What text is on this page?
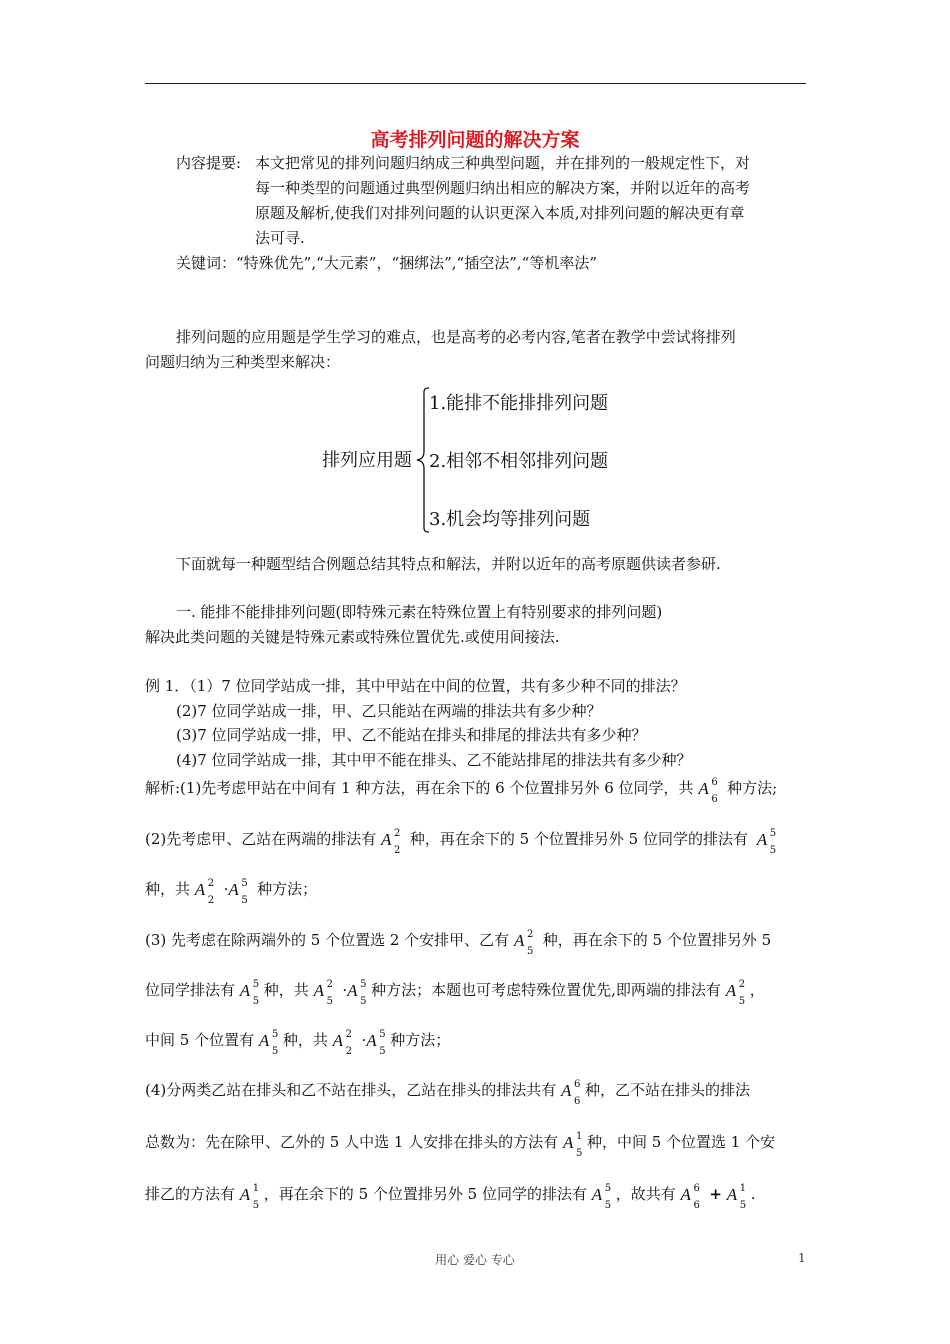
高考排列问题的解决方案
内容提要: 本文把常见的排列问题归纳成三种典型问题，并在排列的一般规定性下，对
每一种类型的问题通过典型例题归纳出相应的解决方案，并附以近年的高考
原题及解析,使我们对排列问题的认识更深入本质,对排列问题的解决更有章
法可寻.
关键词：“特殊优先”,“大元素”，“捆绑法”,“插空法”,“等机率法”
排列问题的应用题是学生学习的难点，也是高考的必考内容,笔者在教学中尝试将排列
问题归纳为三种类型来解决：
排列应用题
1.能排不能排排列问题
2.相邻不相邻排列问题
3.机会均等排列问题
下面就每一种题型结合例题总结其特点和解法，并附以近年的高考原题供读者参研.
一. 能排不能排排列问题(即特殊元素在特殊位置上有特别要求的排列问题)
解决此类问题的关键是特殊元素或特殊位置优先.或使用间接法.
例 1．（1）7 位同学站成一排，其中甲站在中间的位置，共有多少种不同的排法？
(2)7 位同学站成一排，甲、乙只能站在两端的排法共有多少种？
(3)7 位同学站成一排，甲、乙不能站在排头和排尾的排法共有多少种？
(4)7 位同学站成一排，其中甲不能在排头、乙不能站排尾的排法共有多少种？
解析:(1)先考虑甲站在中间有 1 种方法，再在余下的 6 个位置排另外 6 位同学，共 A 6
6
种方法;
(2)先考虑甲、乙站在两端的排法有 A 2
2
种，再在余下的 5 个位置排另外 5 位同学的排法有 A 5
5
种，共 A 2
2
· A 5
5
种方法；
(3) 先考虑在除两端外的 5 个位置选 2 个安排甲、乙有 A 2
5
种，再在余下的 5 个位置排另外 5
位同学排法有 A 5
5
种，共 A 2
5
· A 5
5
种方法；本题也可考虑特殊位置优先,即两端的排法有 A 2
5
，
中间 5 个位置有 A 5
5
种，共 A 2
2
· A 5
5
种方法；
(4)分两类乙站在排头和乙不站在排头，乙站在排头的排法共有 A 6
6
种，乙不站在排头的排法
总数为：先在除甲、乙外的 5 人中选 1 人安排在排头的方法有 A 1
5
种，中间 5 个位置选 1 个安
排乙的方法有 A 1
5
，再在余下的 5 个位置排另外 5 位同学的排法有 A 5
5
，故共有 A 6
6
+ A 1
5
.
用心 爱心 专心	1
